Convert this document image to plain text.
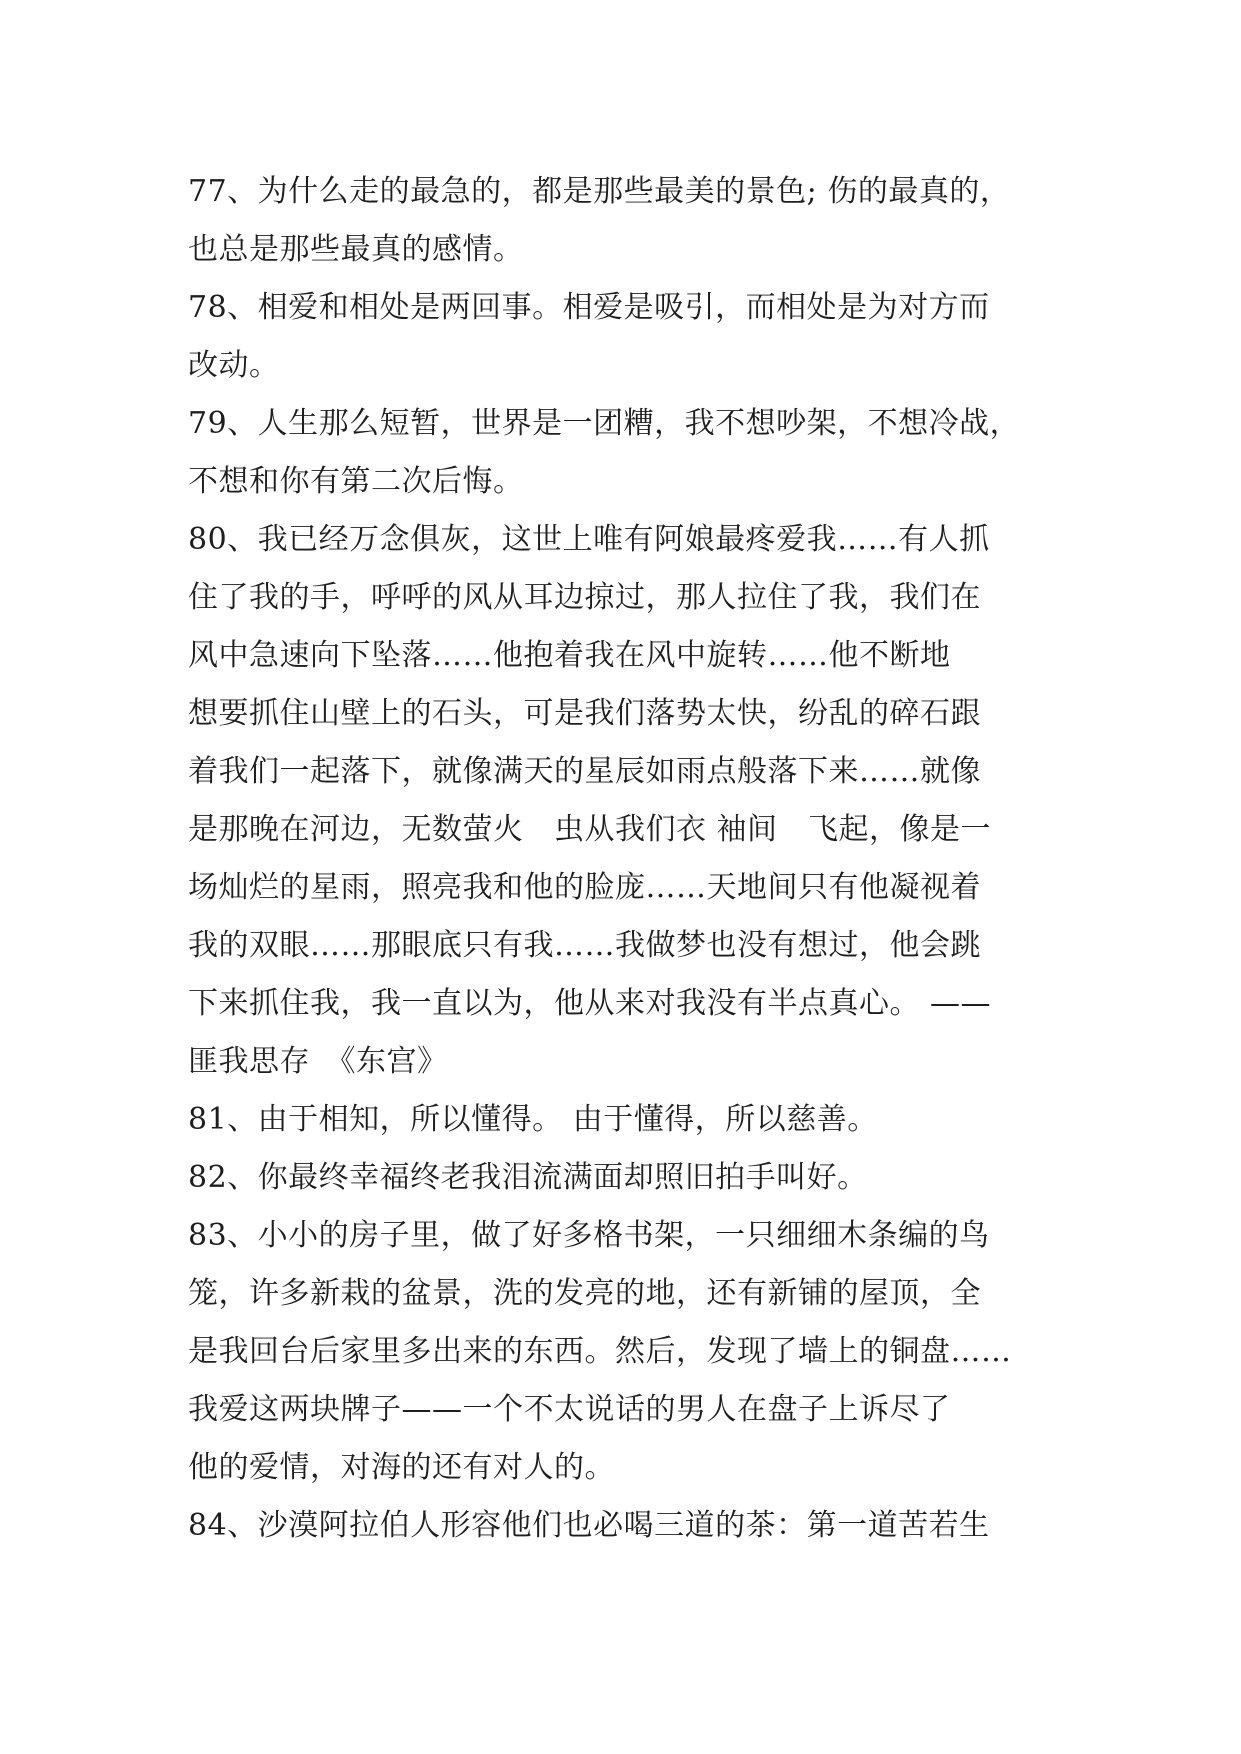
77、为什么走的最急的，都是那些最美的景色; 伤的最真的，
也总是那些最真的感情。
78、相爱和相处是两回事。相爱是吸引，而相处是为对方而
改动。
79、人生那么短暂，世界是一团糟，我不想吵架，不想冷战，
不想和你有第二次后悔。
80、我已经万念俱灰，这世上唯有阿娘最疼爱我……有人抓
住了我的手，呼呼的风从耳边掠过，那人拉住了我，我们在
风中急速向下坠落……他抱着我在风中旋转……他不断地
想要抓住山壁上的石头，可是我们落势太快，纷乱的碎石跟
着我们一起落下，就像满天的星辰如雨点般落下来……就像
是那晚在河边，无数萤火　虫从我们衣 袖间　飞起，像是一
场灿烂的星雨，照亮我和他的脸庞……天地间只有他凝视着
我的双眼……那眼底只有我……我做梦也没有想过，他会跳
下来抓住我，我一直以为，他从来对我没有半点真心。 ——
匪我思存　《东宫》
81、由于相知，所以懂得。 由于懂得，所以慈善。
82、你最终幸福终老我泪流满面却照旧拍手叫好。
83、小小的房子里，做了好多格书架，一只细细木条编的鸟
笼，许多新栽的盆景，洗的发亮的地，还有新铺的屋顶，全
是我回台后家里多出来的东西。然后，发现了墙上的铜盘……
我爱这两块牌子——一个不太说话的男人在盘子上诉尽了
他的爱情，对海的还有对人的。
84、沙漠阿拉伯人形容他们也必喝三道的茶：第一道苦若生
